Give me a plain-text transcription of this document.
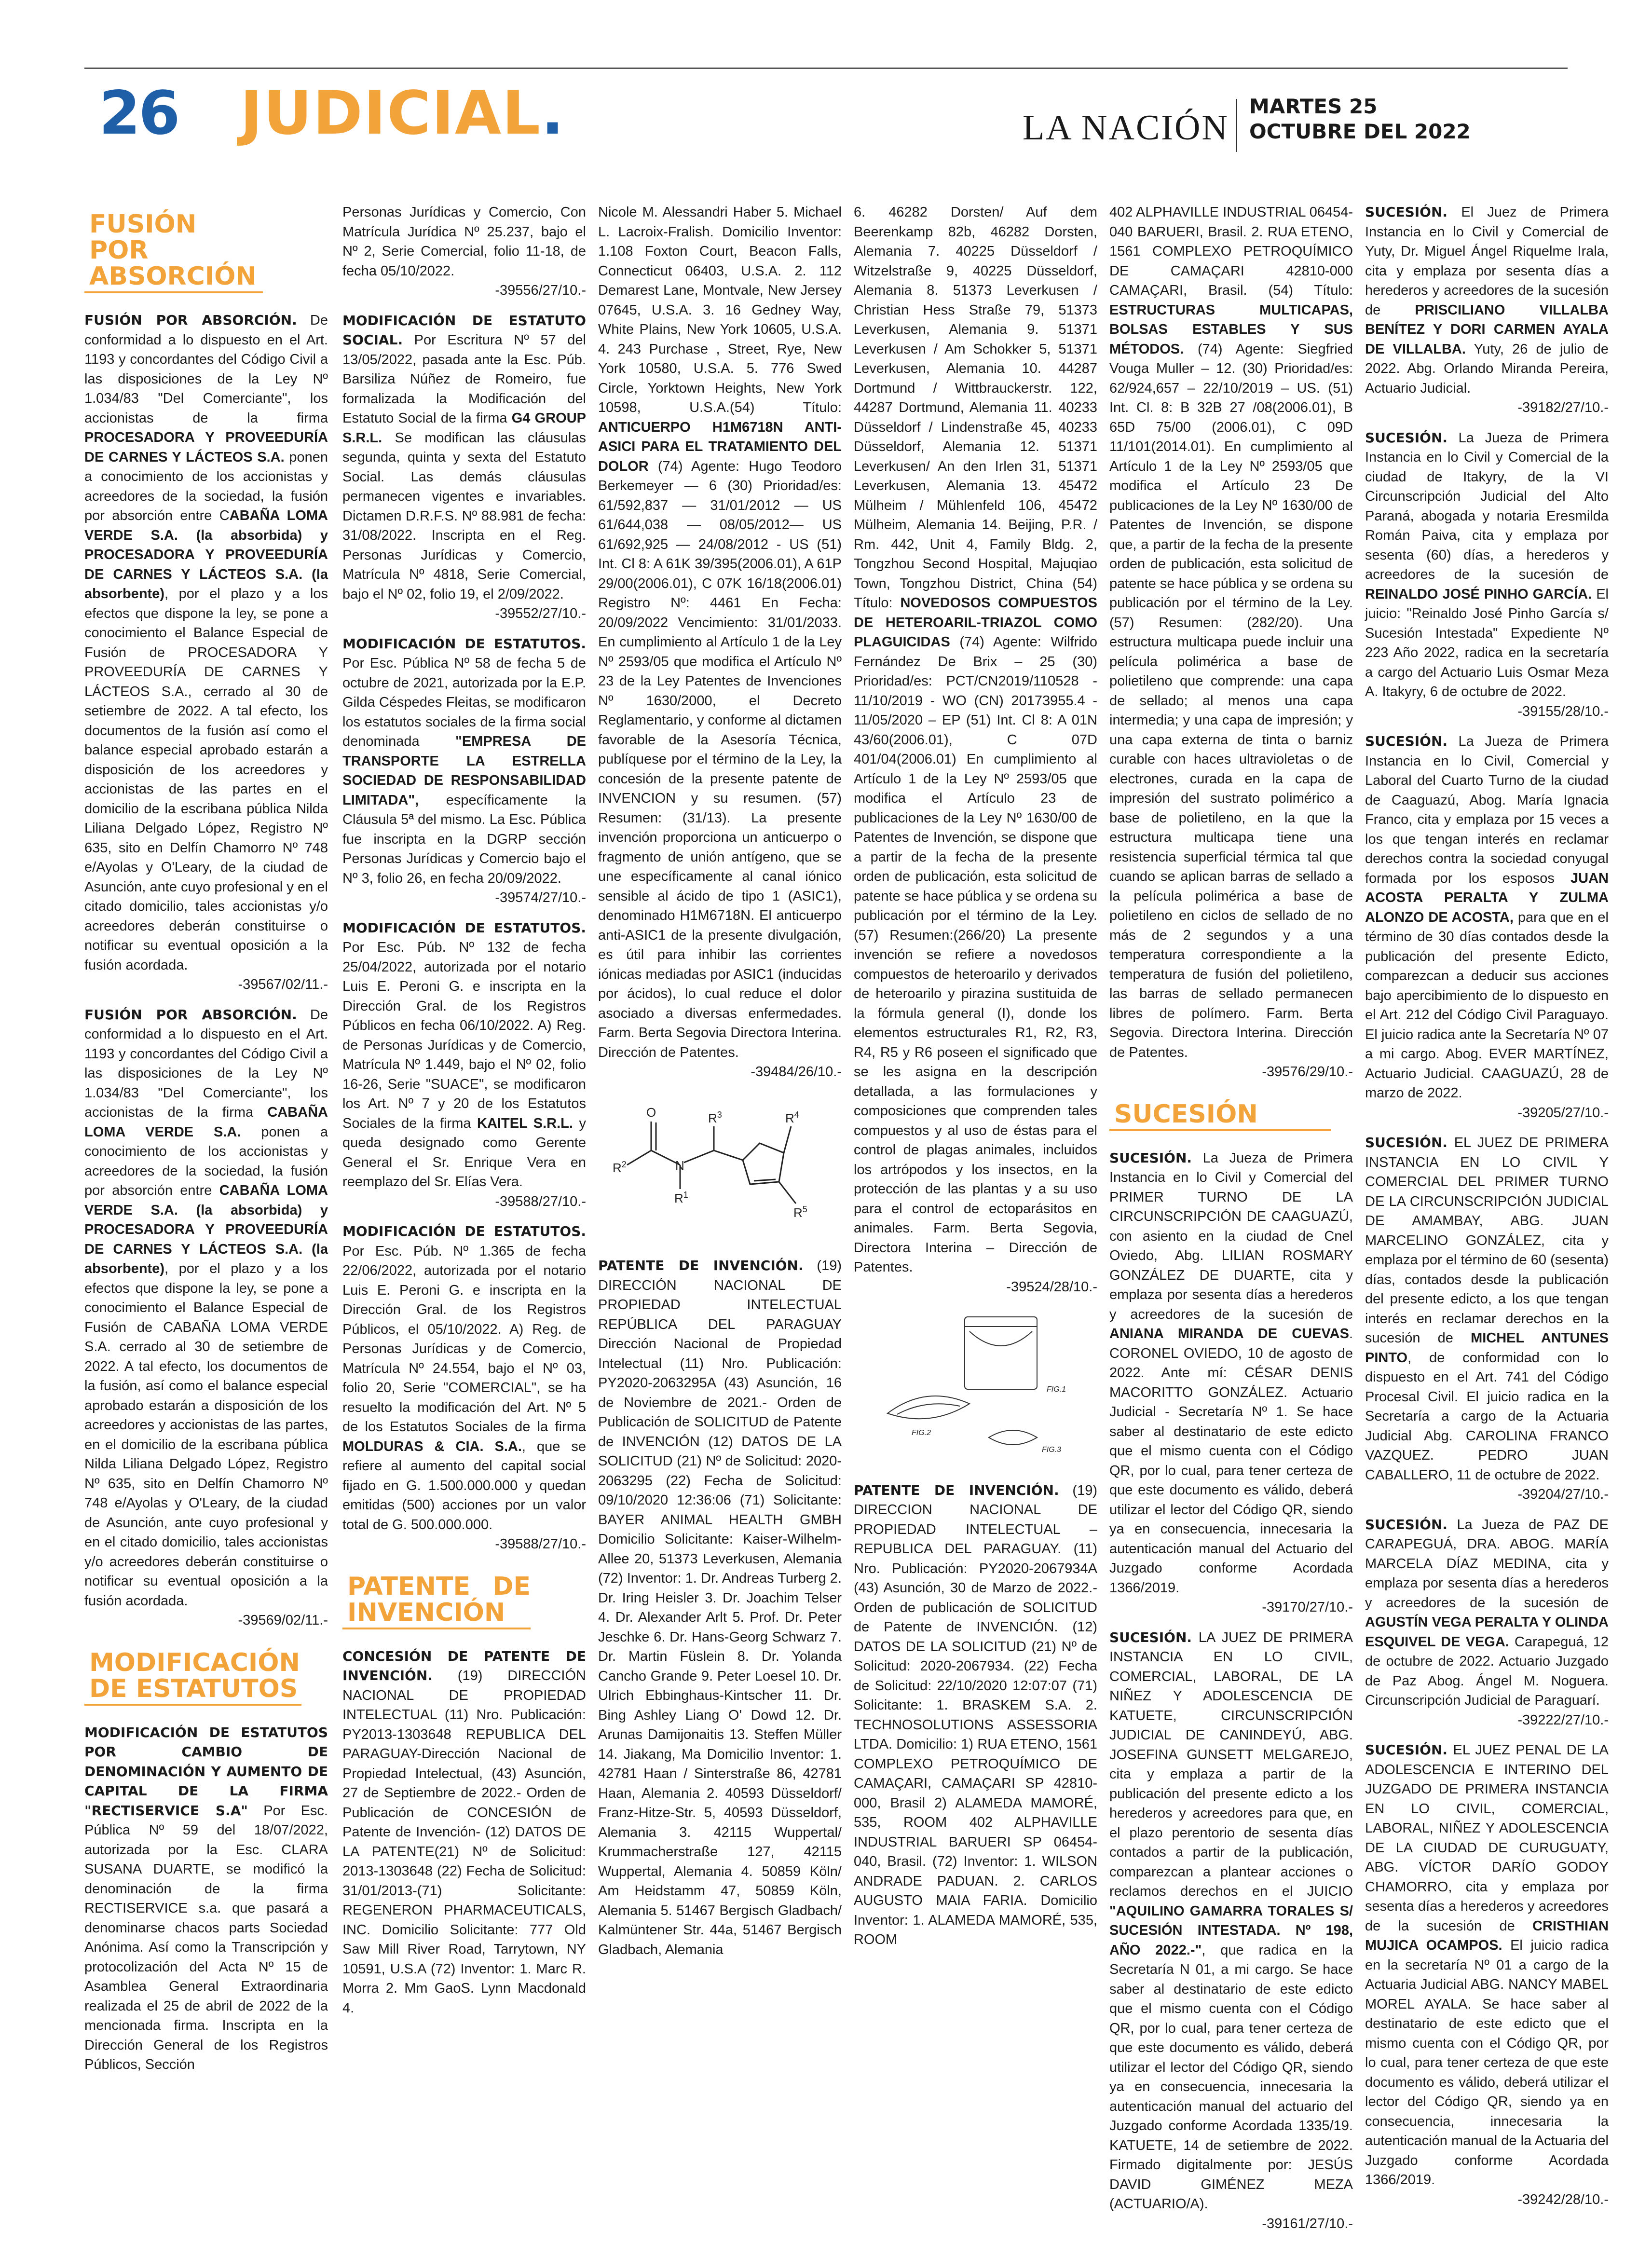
26 JUDICIAL.	LA NACIÓN
MARTES 25
OCTUBRE DEL 2022
FUSIÓN POR ABSORCIÓN

FUSIÓN POR ABSORCIÓN. De conformidad a lo dispuesto en el Art. 1193 y concordantes del Código Civil a las disposiciones de la Ley Nº 1.034/83 "Del Comerciante", los accionistas de la firma PROCESADORA Y PROVEEDURÍA DE CARNES Y LÁCTEOS S.A. ponen a conocimiento de los accionistas y acreedores de la sociedad, la fusión por absorción entre CABAÑA LOMA VERDE S.A. (la absorbida) y PROCESADORA Y PROVEEDURÍA DE CARNES Y LÁCTEOS S.A. (la absorbente), por el plazo y a los efectos que dispone la ley, se pone a conocimiento el Balance Especial de Fusión de PROCESADORA Y PROVEEDURÍA DE CARNES Y LÁCTEOS S.A., cerrado al 30 de setiembre de 2022. A tal efecto, los documentos de la fusión así como el balance especial aprobado estarán a disposición de los acreedores y accionistas de las partes en el domicilio de la escribana pública Nilda Liliana Delgado López, Registro Nº 635, sito en Delfín Chamorro Nº 748 e/Ayolas y O'Leary, de la ciudad de Asunción, ante cuyo profesional y en el citado domicilio, tales accionistas y/o acreedores deberán constituirse o notificar su eventual oposición a la fusión acordada.
-39567/02/11.-

FUSIÓN POR ABSORCIÓN. De conformidad a lo dispuesto en el Art. 1193 y concordantes del Código Civil a las disposiciones de la Ley Nº 1.034/83 "Del Comerciante", los accionistas de la firma CABAÑA LOMA VERDE S.A. ponen a conocimiento de los accionistas y acreedores de la sociedad, la fusión por absorción entre CABAÑA LOMA VERDE S.A. (la absorbida) y PROCESADORA Y PROVEEDURÍA DE CARNES Y LÁCTEOS S.A. (la absorbente), por el plazo y a los efectos que dispone la ley, se pone a conocimiento el Balance Especial de Fusión de CABAÑA LOMA VERDE S.A. cerrado al 30 de setiembre de 2022. A tal efecto, los documentos de la fusión, así como el balance especial aprobado estarán a disposición de los acreedores y accionistas de las partes, en el domicilio de la escribana pública Nilda Liliana Delgado López, Registro Nº 635, sito en Delfín Chamorro Nº 748 e/Ayolas y O'Leary, de la ciudad de Asunción, ante cuyo profesional y en el citado domicilio, tales accionistas y/o acreedores deberán constituirse o notificar su eventual oposición a la fusión acordada.
-39569/02/11.-

MODIFICACIÓN DE ESTATUTOS

MODIFICACIÓN DE ESTATUTOS POR CAMBIO DE DENOMINACIÓN Y AUMENTO DE CAPITAL DE LA FIRMA "RECTISERVICE S.A" Por Esc. Pública Nº 59 del 18/07/2022, autorizada por la Esc. CLARA SUSANA DUARTE, se modificó la denominación de la firma RECTISERVICE s.a. que pasará a denominarse chacos parts Sociedad Anónima. Así como la Transcripción y protocolización del Acta Nº 15 de Asamblea General Extraordinaria realizada el 25 de abril de 2022 de la mencionada firma. Inscripta en la Dirección General de los Registros Públicos, Sección

Personas Jurídicas y Comercio, Con Matrícula Jurídica Nº 25.237, bajo el Nº 2, Serie Comercial, folio 11-18, de fecha 05/10/2022.
-39556/27/10.-

MODIFICACIÓN DE ESTATUTO SOCIAL. Por Escritura Nº 57 del 13/05/2022, pasada ante la Esc. Púb. Barsiliza Núñez de Romeiro, fue formalizada la Modificación del Estatuto Social de la firma G4 GROUP S.R.L. Se modifican las cláusulas segunda, quinta y sexta del Estatuto Social. Las demás cláusulas permanecen vigentes e invariables. Dictamen D.R.F.S. Nº 88.981 de fecha: 31/08/2022. Inscripta en el Reg. Personas Jurídicas y Comercio, Matrícula Nº 4818, Serie Comercial, bajo el Nº 02, folio 19, el 2/09/2022.
-39552/27/10.-

MODIFICACIÓN DE ESTATUTOS. Por Esc. Pública Nº 58 de fecha 5 de octubre de 2021, autorizada por la E.P. Gilda Céspedes Fleitas, se modificaron los estatutos sociales de la firma social denominada "EMPRESA DE TRANSPORTE LA ESTRELLA SOCIEDAD DE RESPONSABILIDAD LIMITADA", específicamente la Cláusula 5ª del mismo. La Esc. Pública fue inscripta en la DGRP sección Personas Jurídicas y Comercio bajo el Nº 3, folio 26, en fecha 20/09/2022.
-39574/27/10.-

MODIFICACIÓN DE ESTATUTOS. Por Esc. Púb. Nº 132 de fecha 25/04/2022, autorizada por el notario Luis E. Peroni G. e inscripta en la Dirección Gral. de los Registros Públicos en fecha 06/10/2022. A) Reg. de Personas Jurídicas y de Comercio, Matrícula Nº 1.449, bajo el Nº 02, folio 16-26, Serie "SUACE", se modificaron los Art. Nº 7 y 20 de los Estatutos Sociales de la firma KAITEL S.R.L. y queda designado como Gerente General el Sr. Enrique Vera en reemplazo del Sr. Elías Vera.
-39588/27/10.-

MODIFICACIÓN DE ESTATUTOS. Por Esc. Púb. Nº 1.365 de fecha 22/06/2022, autorizada por el notario Luis E. Peroni G. e inscripta en la Dirección Gral. de los Registros Públicos, el 05/10/2022. A) Reg. de Personas Jurídicas y de Comercio, Matrícula Nº 24.554, bajo el Nº 03, folio 20, Serie "COMERCIAL", se ha resuelto la modificación del Art. Nº 5 de los Estatutos Sociales de la firma MOLDURAS & CIA. S.A., que se refiere al aumento del capital social fijado en G. 1.500.000.000 y quedan emitidas (500) acciones por un valor total de G. 500.000.000.
-39588/27/10.-

PATENTE DE INVENCIÓN

CONCESIÓN DE PATENTE DE INVENCIÓN. (19) DIRECCIÓN NACIONAL DE PROPIEDAD INTELECTUAL (11) Nro. Publicación: PY2013-1303648 REPUBLICA DEL PARAGUAY-Dirección Nacional de Propiedad Intelectual, (43) Asunción, 27 de Septiembre de 2022.- Orden de Publicación de CONCESIÓN de Patente de Invención- (12) DATOS DE LA PATENTE(21) Nº de Solicitud: 2013-1303648 (22) Fecha de Solicitud: 31/01/2013-(71) Solicitante: REGENERON PHARMACEUTICALS, INC. Domicilio Solicitante: 777 Old Saw Mill River Road, Tarrytown, NY 10591, U.S.A (72) Inventor: 1. Marc R. Morra 2. Mm GaoS. Lynn Macdonald 4.

Nicole M. Alessandri Haber 5. Michael L. Lacroix-Fralish. Domicilio Inventor: 1.108 Foxton Court, Beacon Falls, Connecticut 06403, U.S.A. 2. 112 Demarest Lane, Montvale, New Jersey 07645, U.S.A. 3. 16 Gedney Way, White Plains, New York 10605, U.S.A. 4. 243 Purchase , Street, Rye, New York 10580, U.S.A. 5. 776 Swed Circle, Yorktown Heights, New York 10598, U.S.A.(54) Título: ANTICUERPO H1M6718N ANTI-ASICI PARA EL TRATAMIENTO DEL DOLOR (74) Agente: Hugo Teodoro Berkemeyer — 6 (30) Prioridad/es: 61/592,837 — 31/01/2012 — US 61/644,038 — 08/05/2012— US 61/692,925 — 24/08/2012 - US (51) Int. Cl 8: A 61K 39/395(2006.01), A 61P 29/00(2006.01), C 07K 16/18(2006.01) Registro Nº: 4461 En Fecha: 20/09/2022 Vencimiento: 31/01/2033. En cumplimiento al Artículo 1 de la Ley Nº 2593/05 que modifica el Artículo Nº 23 de la Ley Patentes de Invenciones Nº 1630/2000, el Decreto Reglamentario, y conforme al dictamen favorable de la Asesoría Técnica, publíquese por el término de la Ley, la concesión de la presente patente de INVENCION y su resumen. (57) Resumen: (31/13). La presente invención proporciona un anticuerpo o fragmento de unión antígeno, que se une específicamente al canal iónico sensible al ácido de tipo 1 (ASIC1), denominado H1M6718N. El anticuerpo anti-ASIC1 de la presente divulgación, es útil para inhibir las corrientes iónicas mediadas por ASIC1 (inducidas por ácidos), lo cual reduce el dolor asociado a diversas enfermedades. Farm. Berta Segovia Directora Interina. Dirección de Patentes.
-39484/26/10.-

O
$R^2$	N
$R^1$
$R^3$	$R^4$
$R^5$

PATENTE DE INVENCIÓN. (19) DIRECCIÓN NACIONAL DE PROPIEDAD INTELECTUAL REPÚBLICA DEL PARAGUAY Dirección Nacional de Propiedad Intelectual (11) Nro. Publicación: PY2020-2063295A (43) Asunción, 16 de Noviembre de 2021.- Orden de Publicación de SOLICITUD de Patente de INVENCIÓN (12) DATOS DE LA SOLICITUD (21) Nº de Solicitud: 2020-2063295 (22) Fecha de Solicitud: 09/10/2020 12:36:06 (71) Solicitante: BAYER ANIMAL HEALTH GMBH Domicilio Solicitante: Kaiser-Wilhelm-Allee 20, 51373 Leverkusen, Alemania (72) Inventor: 1. Dr. Andreas Turberg 2. Dr. Iring Heisler 3. Dr. Joachim Telser 4. Dr. Alexander Arlt 5. Prof. Dr. Peter Jeschke 6. Dr. Hans-Georg Schwarz 7. Dr. Martin Füslein 8. Dr. Yolanda Cancho Grande 9. Peter Loesel 10. Dr. Ulrich Ebbinghaus-Kintscher 11. Dr. Bing Ashley Liang O' Dowd 12. Dr. Arunas Damijonaitis 13. Steffen Müller 14. Jiakang, Ma Domicilio Inventor: 1. 42781 Haan / Sinterstraße 86, 42781 Haan, Alemania 2. 40593 Düsseldorf/ Franz-Hitze-Str. 5, 40593 Düsseldorf, Alemania 3. 42115 Wuppertal/ Krummacherstraße 127, 42115 Wuppertal, Alemania 4. 50859 Köln/ Am Heidstamm 47, 50859 Köln, Alemania 5. 51467 Bergisch Gladbach/ Kalmüntener Str. 44a, 51467 Bergisch Gladbach, Alemania

6. 46282 Dorsten/ Auf dem Beerenkamp 82b, 46282 Dorsten, Alemania 7. 40225 Düsseldorf / Witzelstraße 9, 40225 Düsseldorf, Alemania 8. 51373 Leverkusen / Christian Hess Straße 79, 51373 Leverkusen, Alemania 9. 51371 Leverkusen / Am Schokker 5, 51371 Leverkusen, Alemania 10. 44287 Dortmund / Wittbrauckerstr. 122, 44287 Dortmund, Alemania 11. 40233 Düsseldorf / Lindenstraße 45, 40233 Düsseldorf, Alemania 12. 51371 Leverkusen/ An den Irlen 31, 51371 Leverkusen, Alemania 13. 45472 Mülheim / Mühlenfeld 106, 45472 Mülheim, Alemania 14. Beijing, P.R. / Rm. 442, Unit 4, Family Bldg. 2, Tongzhou Second Hospital, Majuqiao Town, Tongzhou District, China (54) Título: NOVEDOSOS COMPUESTOS DE HETEROARIL-TRIAZOL COMO PLAGUICIDAS (74) Agente: Wilfrido Fernández De Brix – 25 (30) Prioridad/es: PCT/CN2019/110528 - 11/10/2019 - WO (CN) 20173955.4 - 11/05/2020 – EP (51) Int. Cl 8: A 01N 43/60(2006.01), C 07D 401/04(2006.01) En cumplimiento al Artículo 1 de la Ley Nº 2593/05 que modifica el Artículo 23 de publicaciones de la Ley Nº 1630/00 de Patentes de Invención, se dispone que a partir de la fecha de la presente orden de publicación, esta solicitud de patente se hace pública y se ordena su publicación por el término de la Ley. (57) Resumen:(266/20) La presente invención se refiere a novedosos compuestos de heteroarilo y derivados de heteroarilo y pirazina sustituida de la fórmula general (I), donde los elementos estructurales R1, R2, R3, R4, R5 y R6 poseen el significado que se les asigna en la descripción detallada, a las formulaciones y composiciones que comprenden tales compuestos y al uso de éstas para el control de plagas animales, incluidos los artrópodos y los insectos, en la protección de las plantas y a su uso para el control de ectoparásitos en animales. Farm. Berta Segovia, Directora Interina – Dirección de Patentes.
-39524/28/10.-

FIG.1
FIG.2
FIG.3

PATENTE DE INVENCIÓN. (19) DIRECCION NACIONAL DE PROPIEDAD INTELECTUAL – REPUBLICA DEL PARAGUAY. (11) Nro. Publicación: PY2020-2067934A (43) Asunción, 30 de Marzo de 2022.- Orden de publicación de SOLICITUD de Patente de INVENCIÓN. (12) DATOS DE LA SOLICITUD (21) Nº de Solicitud: 2020-2067934. (22) Fecha de Solicitud: 22/10/2020 12:07:07 (71) Solicitante: 1. BRASKEM S.A. 2. TECHNOSOLUTIONS ASSESSORIA LTDA. Domicilio: 1) RUA ETENO, 1561 COMPLEXO PETROQUÍMICO DE CAMAÇARI, CAMAÇARI SP 42810-000, Brasil 2) ALAMEDA MAMORÉ, 535, ROOM 402 ALPHAVILLE INDUSTRIAL BARUERI SP 06454-040, Brasil. (72) Inventor: 1. WILSON ANDRADE PADUAN. 2. CARLOS AUGUSTO MAIA FARIA. Domicilio Inventor: 1. ALAMEDA MAMORÉ, 535, ROOM

402 ALPHAVILLE INDUSTRIAL 06454-040 BARUERI, Brasil. 2. RUA ETENO, 1561 COMPLEXO PETROQUÍMICO DE CAMAÇARI 42810-000 CAMAÇARI, Brasil. (54) Título: ESTRUCTURAS MULTICAPAS, BOLSAS ESTABLES Y SUS MÉTODOS. (74) Agente: Siegfried Vouga Muller – 12. (30) Prioridad/es: 62/924,657 – 22/10/2019 – US. (51) Int. Cl. 8: B 32B 27 /08(2006.01), B 65D 75/00 (2006.01), C 09D 11/101(2014.01). En cumplimiento al Artículo 1 de la Ley Nº 2593/05 que modifica el Artículo 23 De publicaciones de la Ley Nº 1630/00 de Patentes de Invención, se dispone que, a partir de la fecha de la presente orden de publicación, esta solicitud de patente se hace pública y se ordena su publicación por el término de la Ley. (57) Resumen: (282/20). Una estructura multicapa puede incluir una película polimérica a base de polietileno que comprende: una capa de sellado; al menos una capa intermedia; y una capa de impresión; y una capa externa de tinta o barniz curable con haces ultravioletas o de electrones, curada en la capa de impresión del sustrato polimérico a base de polietileno, en la que la estructura multicapa tiene una resistencia superficial térmica tal que cuando se aplican barras de sellado a la película polimérica a base de polietileno en ciclos de sellado de no más de 2 segundos y a una temperatura correspondiente a la temperatura de fusión del polietileno, las barras de sellado permanecen libres de polímero. Farm. Berta Segovia. Directora Interina. Dirección de Patentes.
-39576/29/10.-

SUCESIÓN

SUCESIÓN. La Jueza de Primera Instancia en lo Civil y Comercial del PRIMER TURNO DE LA CIRCUNSCRIPCIÓN DE CAAGUAZÚ, con asiento en la ciudad de Cnel Oviedo, Abg. LILIAN ROSMARY GONZÁLEZ DE DUARTE, cita y emplaza por sesenta días a herederos y acreedores de la sucesión de ANIANA MIRANDA DE CUEVAS. CORONEL OVIEDO, 10 de agosto de 2022. Ante mí: CÉSAR DENIS MACORITTO GONZÁLEZ. Actuario Judicial - Secretaría Nº 1. Se hace saber al destinatario de este edicto que el mismo cuenta con el Código QR, por lo cual, para tener certeza de que este documento es válido, deberá utilizar el lector del Código QR, siendo ya en consecuencia, innecesaria la autenticación manual del Actuario del Juzgado conforme Acordada 1366/2019.
-39170/27/10.-

SUCESIÓN. LA JUEZ DE PRIMERA INSTANCIA EN LO CIVIL, COMERCIAL, LABORAL, DE LA NIÑEZ Y ADOLESCENCIA DE KATUETE, CIRCUNSCRIPCIÓN JUDICIAL DE CANINDEYÚ, ABG. JOSEFINA GUNSETT MELGAREJO, cita y emplaza a partir de la publicación del presente edicto a los herederos y acreedores para que, en el plazo perentorio de sesenta días contados a partir de la publicación, comparezcan a plantear acciones o reclamos derechos en el JUICIO "AQUILINO GAMARRA TORALES S/ SUCESIÓN INTESTADA. Nº 198, AÑO 2022.-", que radica en la Secretaría N 01, a mi cargo. Se hace saber al destinatario de este edicto que el mismo cuenta con el Código QR, por lo cual, para tener certeza de que este documento es válido, deberá utilizar el lector del Código QR, siendo ya en consecuencia, innecesaria la autenticación manual del actuario del Juzgado conforme Acordada 1335/19. KATUETE, 14 de setiembre de 2022. Firmado digitalmente por: JESÚS DAVID GIMÉNEZ MEZA (ACTUARIO/A).
-39161/27/10.-

SUCESIÓN. El Juez de Primera Instancia en lo Civil y Comercial de Yuty, Dr. Miguel Ángel Riquelme Irala, cita y emplaza por sesenta días a herederos y acreedores de la sucesión de PRISCILIANO VILLALBA BENÍTEZ Y DORI CARMEN AYALA DE VILLALBA. Yuty, 26 de julio de 2022. Abg. Orlando Miranda Pereira, Actuario Judicial.
-39182/27/10.-

SUCESIÓN. La Jueza de Primera Instancia en lo Civil y Comercial de la ciudad de Itakyry, de la VI Circunscripción Judicial del Alto Paraná, abogada y notaria Eresmilda Román Paiva, cita y emplaza por sesenta (60) días, a herederos y acreedores de la sucesión de REINALDO JOSÉ PINHO GARCÍA. El juicio: "Reinaldo José Pinho García s/ Sucesión Intestada" Expediente Nº 223 Año 2022, radica en la secretaría a cargo del Actuario Luis Osmar Meza A. Itakyry, 6 de octubre de 2022.
-39155/28/10.-

SUCESIÓN. La Jueza de Primera Instancia en lo Civil, Comercial y Laboral del Cuarto Turno de la ciudad de Caaguazú, Abog. María Ignacia Franco, cita y emplaza por 15 veces a los que tengan interés en reclamar derechos contra la sociedad conyugal formada por los esposos JUAN ACOSTA PERALTA Y ZULMA ALONZO DE ACOSTA, para que en el término de 30 días contados desde la publicación del presente Edicto, comparezcan a deducir sus acciones bajo apercibimiento de lo dispuesto en el Art. 212 del Código Civil Paraguayo. El juicio radica ante la Secretaría Nº 07 a mi cargo. Abog. EVER MARTÍNEZ, Actuario Judicial. CAAGUAZÚ, 28 de marzo de 2022.
-39205/27/10.-

SUCESIÓN. EL JUEZ DE PRIMERA INSTANCIA EN LO CIVIL Y COMERCIAL DEL PRIMER TURNO DE LA CIRCUNSCRIPCIÓN JUDICIAL DE AMAMBAY, ABG. JUAN MARCELINO GONZÁLEZ, cita y emplaza por el término de 60 (sesenta) días, contados desde la publicación del presente edicto, a los que tengan interés en reclamar derechos en la sucesión de MICHEL ANTUNES PINTO, de conformidad con lo dispuesto en el Art. 741 del Código Procesal Civil. El juicio radica en la Secretaría a cargo de la Actuaria Judicial Abg. CAROLINA FRANCO VAZQUEZ. PEDRO JUAN CABALLERO, 11 de octubre de 2022.
-39204/27/10.-

SUCESIÓN. La Jueza de PAZ DE CARAPEGUÁ, DRA. ABOG. MARÍA MARCELA DÍAZ MEDINA, cita y emplaza por sesenta días a herederos y acreedores de la sucesión de AGUSTÍN VEGA PERALTA Y OLINDA ESQUIVEL DE VEGA. Carapeguá, 12 de octubre de 2022. Actuario Juzgado de Paz Abog. Ángel M. Noguera. Circunscripción Judicial de Paraguarí.
-39222/27/10.-

SUCESIÓN. EL JUEZ PENAL DE LA ADOLESCENCIA E INTERINO DEL JUZGADO DE PRIMERA INSTANCIA EN LO CIVIL, COMERCIAL, LABORAL, NIÑEZ Y ADOLESCENCIA DE LA CIUDAD DE CURUGUATY, ABG. VÍCTOR DARÍO GODOY CHAMORRO, cita y emplaza por sesenta días a herederos y acreedores de la sucesión de CRISTHIAN MUJICA OCAMPOS. El juicio radica en la secretaría Nº 01 a cargo de la Actuaria Judicial ABG. NANCY MABEL MOREL AYALA. Se hace saber al destinatario de este edicto que el mismo cuenta con el Código QR, por lo cual, para tener certeza de que este documento es válido, deberá utilizar el lector del Código QR, siendo ya en consecuencia, innecesaria la autenticación manual de la Actuaria del Juzgado conforme Acordada 1366/2019.
-39242/28/10.-
